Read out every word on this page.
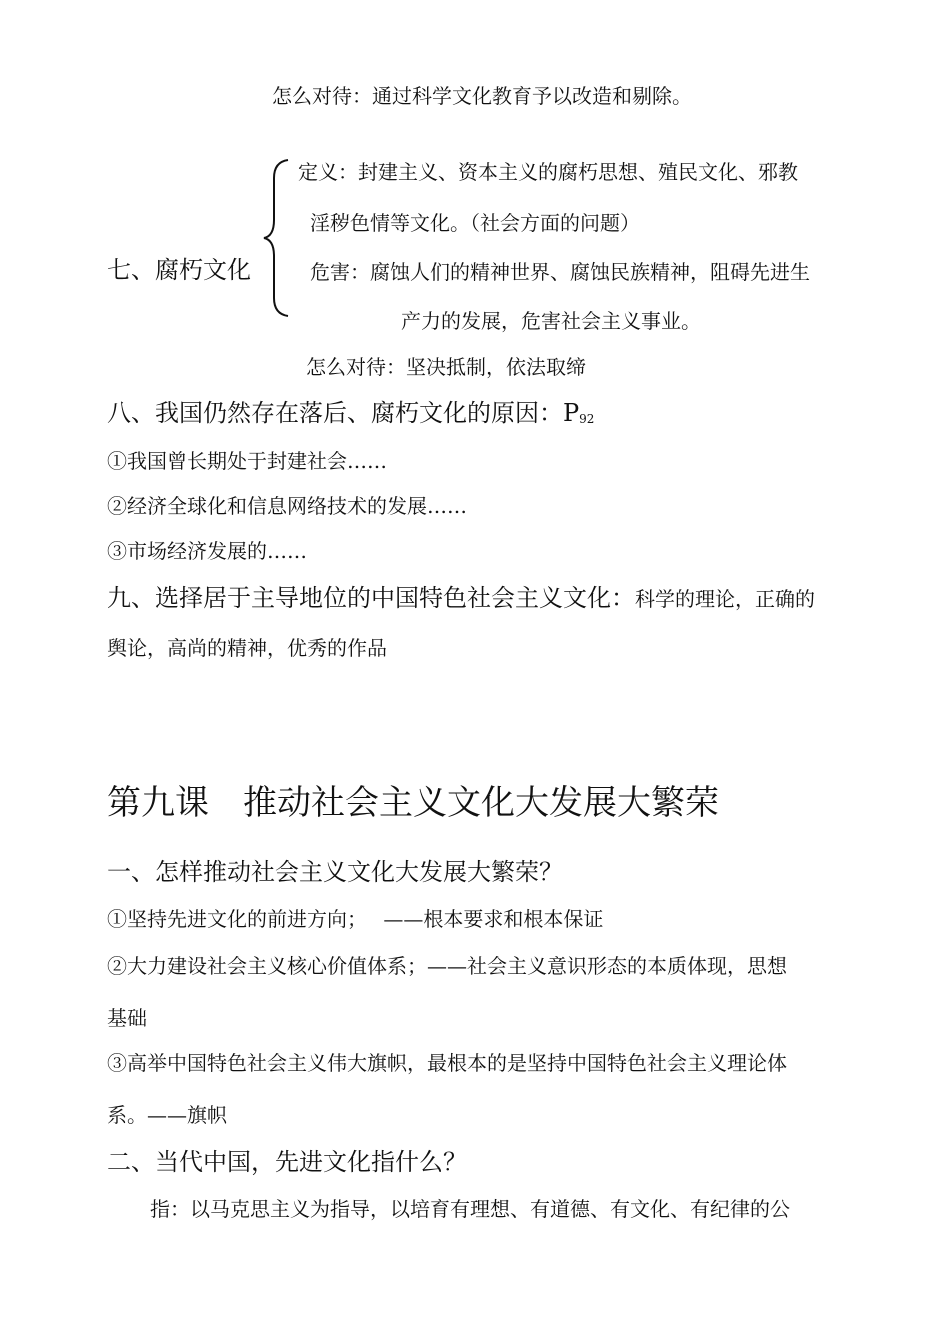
怎么对待：通过科学文化教育予以改造和剔除。
定义：封建主义、资本主义的腐朽思想、殖民文化、邪教
淫秽色情等文化。（社会方面的问题）
七、腐朽文化	危害：腐蚀人们的精神世界、腐蚀民族精神，阻碍先进生
产力的发展，危害社会主义事业。
怎么对待：坚决抵制，依法取缔
八、我国仍然存在落后、腐朽文化的原因：P92
①我国曾长期处于封建社会……
②经济全球化和信息网络技术的发展……
③市场经济发展的……
九、选择居于主导地位的中国特色社会主义文化：科学的理论，正确的
舆论，高尚的精神，优秀的作品
第九课　推动社会主义文化大发展大繁荣
一、怎样推动社会主义文化大发展大繁荣？
①坚持先进文化的前进方向；　 ——根本要求和根本保证
②大力建设社会主义核心价值体系；——社会主义意识形态的本质体现，思想
基础
③高举中国特色社会主义伟大旗帜，最根本的是坚持中国特色社会主义理论体
系。——旗帜
二、当代中国，先进文化指什么？
指：以马克思主义为指导，以培育有理想、有道德、有文化、有纪律的公
